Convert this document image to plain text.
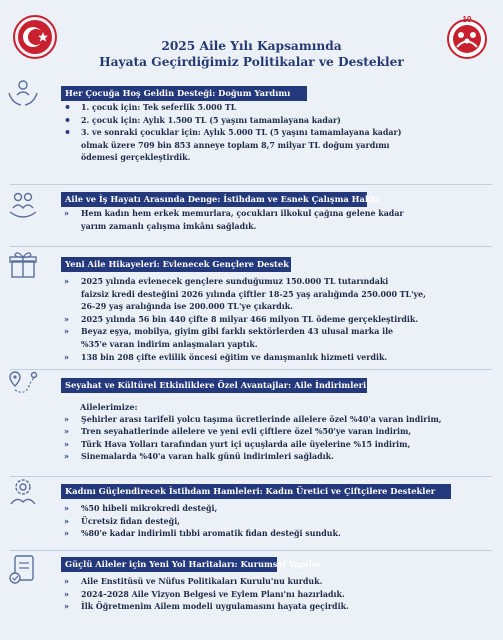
10
2025 Aile Yılı Kapsamında
Hayata Geçirdiğimiz Politikalar ve Destekler
Her Çocuğa Hoş Geldin Desteği: Doğum Yardımı
•	1. çocuk için: Tek seferlik 5.000 TL
•	2. çocuk için: Aylık 1.500 TL (5 yaşını tamamlayana kadar)
•	3. ve sonraki çocuklar için: Aylık 5.000 TL (5 yaşını tamamlayana kadar)
olmak üzere 709 bin 853 anneye toplam 8,7 milyar TL doğum yardımı
ödemesi gerçekleştirdik.
Aile ve İş Hayatı Arasında Denge: İstihdam ve Esnek Çalışma Hakkı
»	Hem kadın hem erkek memurlara, çocukları ilkokul çağına gelene kadar
yarım zamanlı çalışma imkânı sağladık.
Yeni Aile Hikayeleri: Evlenecek Gençlere Destek
»	2025 yılında evlenecek gençlere sunduğumuz 150.000 TL tutarındaki
faizsiz kredi desteğini 2026 yılında çiftler 18-25 yaş aralığında 250.000 TL'ye,
26-29 yaş aralığında ise 200.000 TL'ye çıkardık.
»	2025 yılında 56 bin 440 çifte 8 milyar 466 milyon TL ödeme gerçekleştirdik.
»	Beyaz eşya, mobilya, giyim gibi farklı sektörlerden 43 ulusal marka ile
%35'e varan indirim anlaşmaları yaptık.
»	138 bin 208 çifte evlilik öncesi eğitim ve danışmanlık hizmeti verdik.
Seyahat ve Kültürel Etkinliklere Özel Avantajlar: Aile İndirimleri
Ailelerimize:
»	Şehirler arası tarifeli yolcu taşıma ücretlerinde ailelere özel %40'a varan indirim,
»	Tren seyahatlerinde ailelere ve yeni evli çiftlere özel %50'ye varan indirim,
»	Türk Hava Yolları tarafından yurt içi uçuşlarda aile üyelerine %15 indirim,
»	Sinemalarda %40'a varan halk günü indirimleri sağladık.
Kadını Güçlendirecek İstihdam Hamleleri: Kadın Üretici ve Çiftçilere Destekler
»	%50 hibeli mikrokredi desteği,
»	Ücretsiz fidan desteği,
»	%80'e kadar indirimli tıbbi aromatik fidan desteği sunduk.
Güçlü Aileler için Yeni Yol Haritaları: Kurumsal Yapılar
»	Aile Enstitüsü ve Nüfus Politikaları Kurulu'nu kurduk.
»	2024–2028 Aile Vizyon Belgesi ve Eylem Planı'nı hazırladık.
»	İlk Öğretmenim Ailem modeli uygulamasını hayata geçirdik.
